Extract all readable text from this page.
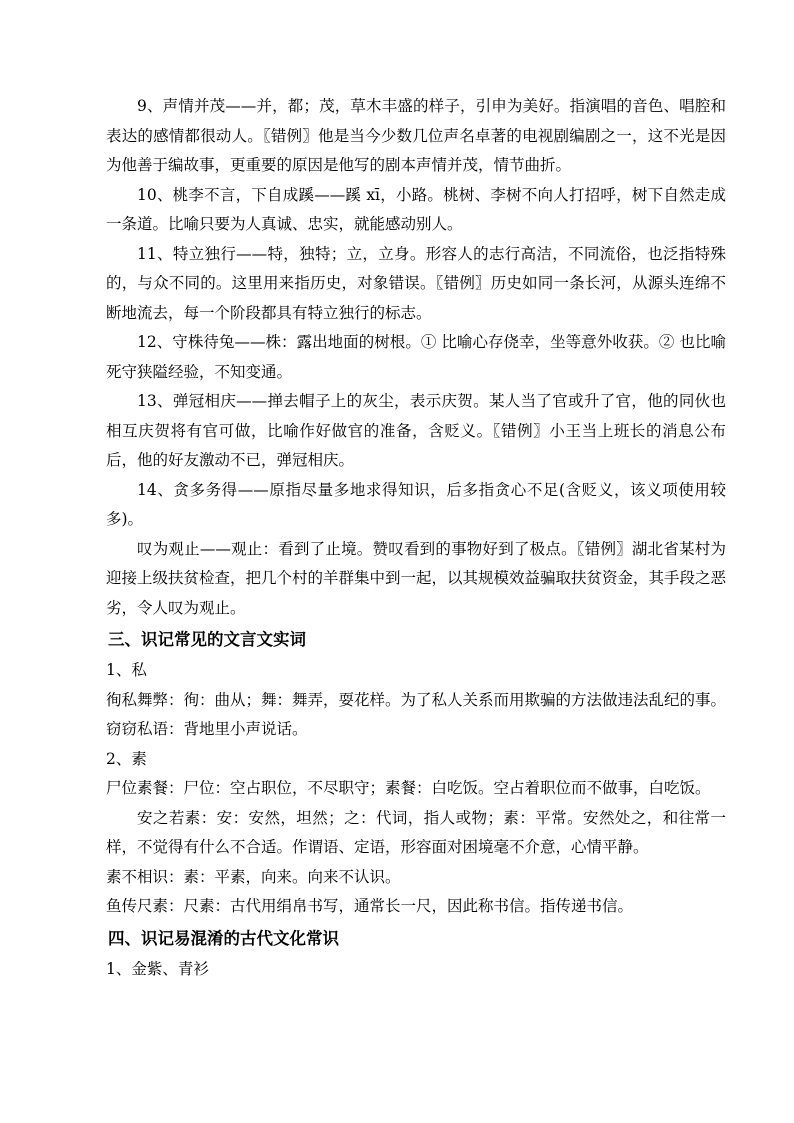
9、声情并茂——并，都；茂，草木丰盛的样子，引申为美好。指演唱的音色、唱腔和表达的感情都很动人。〖错例〗他是当今少数几位声名卓著的电视剧编剧之一，这不光是因为他善于编故事，更重要的原因是他写的剧本声情并茂，情节曲折。

10、桃李不言，下自成蹊——蹊 xī，小路。桃树、李树不向人打招呼，树下自然走成一条道。比喻只要为人真诚、忠实，就能感动别人。

11、特立独行——特，独特；立，立身。形容人的志行高洁，不同流俗，也泛指特殊的，与众不同的。这里用来指历史，对象错误。〖错例〗历史如同一条长河，从源头连绵不断地流去，每一个阶段都具有特立独行的标志。

12、守株待兔——株：露出地面的树根。① 比喻心存侥幸，坐等意外收获。② 也比喻死守狭隘经验，不知变通。

13、弹冠相庆——掸去帽子上的灰尘，表示庆贺。某人当了官或升了官，他的同伙也相互庆贺将有官可做，比喻作好做官的准备，含贬义。〖错例〗小王当上班长的消息公布后，他的好友激动不已，弹冠相庆。

14、贪多务得——原指尽量多地求得知识，后多指贪心不足(含贬义，该义项使用较多)。

叹为观止——观止：看到了止境。赞叹看到的事物好到了极点。〖错例〗湖北省某村为迎接上级扶贫检查，把几个村的羊群集中到一起，以其规模效益骗取扶贫资金，其手段之恶劣，令人叹为观止。

三、识记常见的文言文实词

1、私

徇私舞弊：徇：曲从；舞：舞弄，耍花样。为了私人关系而用欺骗的方法做违法乱纪的事。

窃窃私语：背地里小声说话。

2、素

尸位素餐：尸位：空占职位，不尽职守；素餐：白吃饭。空占着职位而不做事，白吃饭。

安之若素：安：安然，坦然；之：代词，指人或物；素：平常。安然处之，和往常一样，不觉得有什么不合适。作谓语、定语，形容面对困境毫不介意，心情平静。

素不相识：素：平素，向来。向来不认识。

鱼传尺素：尺素：古代用绢帛书写，通常长一尺，因此称书信。指传递书信。

四、识记易混淆的古代文化常识

1、金紫、青衫
